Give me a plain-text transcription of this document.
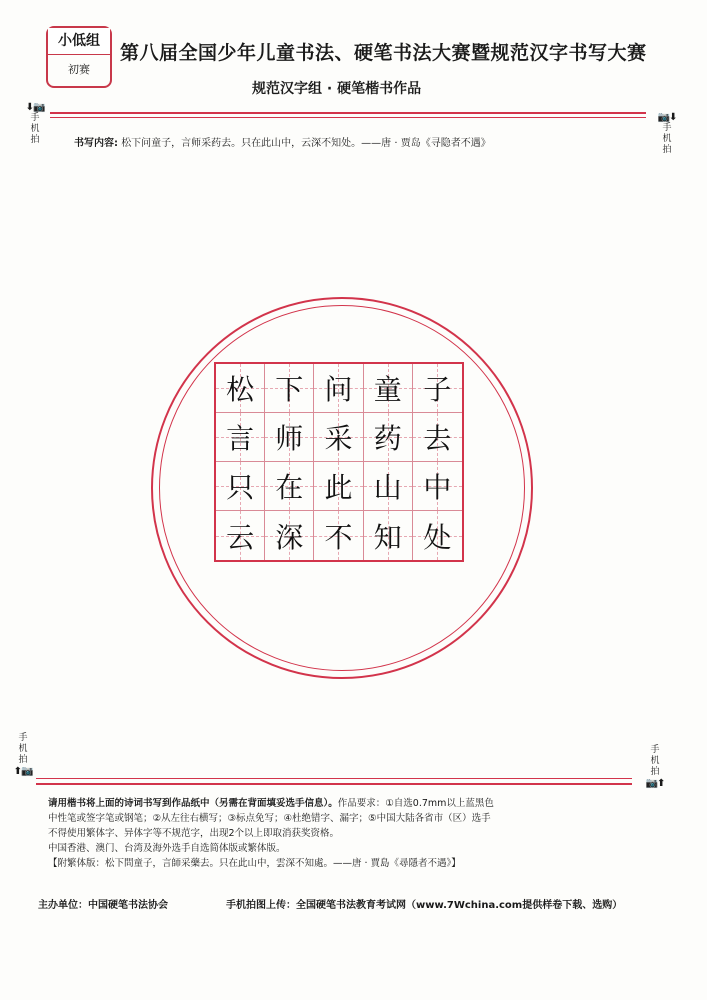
小低组
初赛
第八届全国少年儿童书法、硬笔书法大赛暨规范汉字书写大赛
规范汉字组 · 硬笔楷书作品
⬇📷
手
机
拍
📷⬇
手
机
拍
书写内容: 松下问童子，言师采药去。只在此山中，云深不知处。——唐 · 贾岛《寻隐者不遇》
松 下 问 童 子
言 师 采 药 去
只 在 此 山 中
云 深 不 知 处
手
机
拍
⬆📷
手
机
拍
📷⬆

请用楷书将上面的诗词书写到作品纸中（另需在背面填妥选手信息）。作品要求：①自选0.7mm以上蓝黑色

中性笔或签字笔或钢笔；②从左往右横写；③标点免写；④杜绝错字、漏字；⑤中国大陆各省市（区）选手

不得使用繁体字、异体字等不规范字，出现2个以上即取消获奖资格。

中国香港、澳门、台湾及海外选手自选简体版或繁体版。

【附繁体版：松下問童子，言師采藥去。只在此山中，雲深不知處。——唐 · 賈島《尋隱者不遇》】

主办单位：中国硬笔书法协会	手机拍图上传：全国硬笔书法教育考试网（www.7Wchina.com提供样卷下载、选购）
